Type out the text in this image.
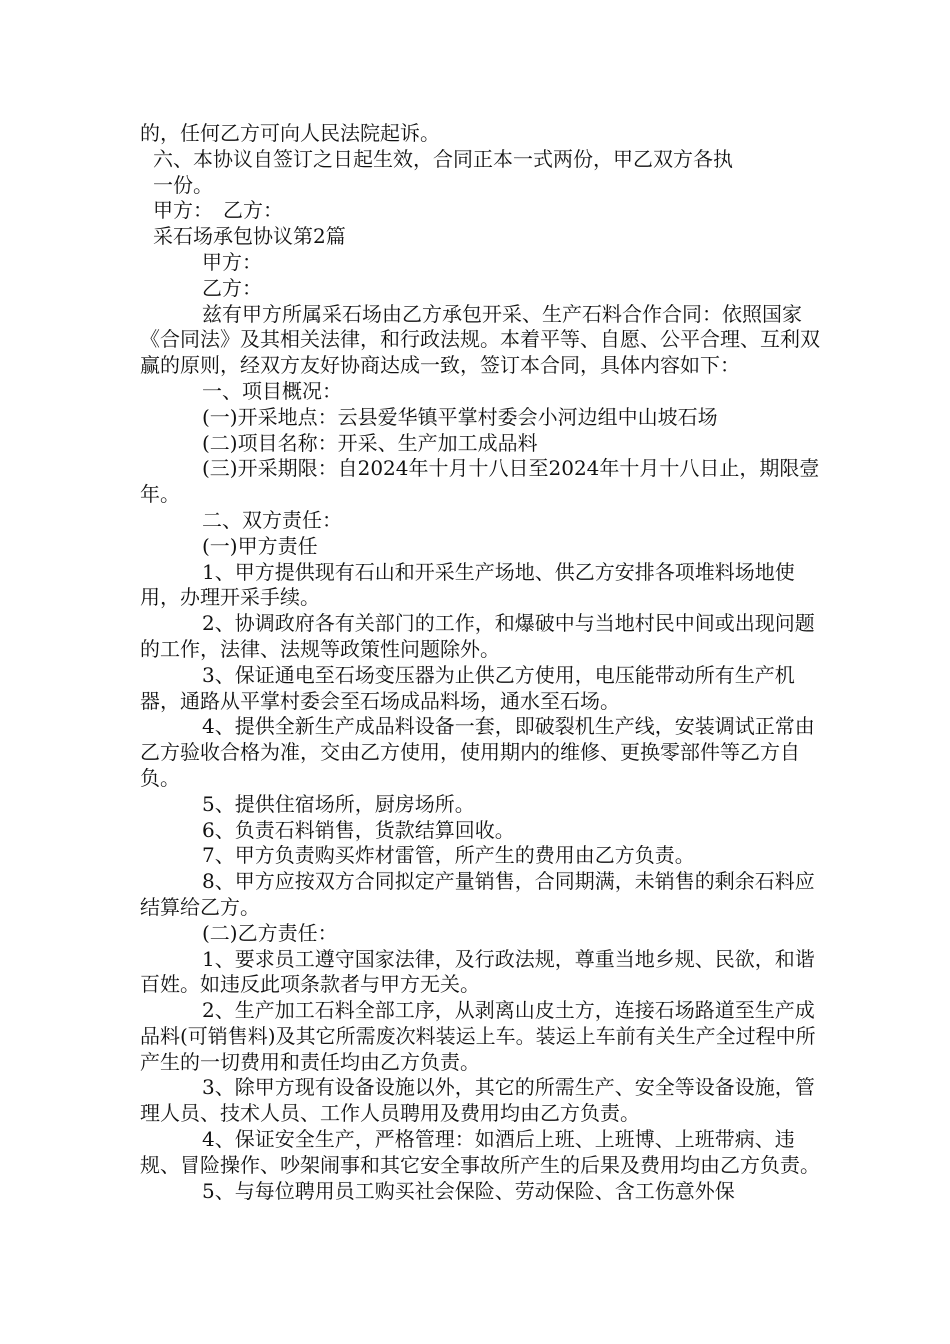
的，任何乙方可向人民法院起诉。

六、本协议自签订之日起生效，合同正本一式两份，甲乙双方各执

一份。

甲方：　乙方：

采石场承包协议第2篇

甲方：

乙方：

兹有甲方所属采石场由乙方承包开采、生产石料合作合同：依照国家《合同法》及其相关法律，和行政法规。本着平等、自愿、公平合理、互利双赢的原则，经双方友好协商达成一致，签订本合同，具体内容如下：

一、项目概况：

(一)开采地点：云县爱华镇平掌村委会小河边组中山坡石场

(二)项目名称：开采、生产加工成品料

(三)开采期限：自2024年十月十八日至2024年十月十八日止，期限壹年。

二、双方责任：

(一)甲方责任

1、甲方提供现有石山和开采生产场地、供乙方安排各项堆料场地使用，办理开采手续。

2、协调政府各有关部门的工作，和爆破中与当地村民中间或出现问题的工作，法律、法规等政策性问题除外。

3、保证通电至石场变压器为止供乙方使用，电压能带动所有生产机器，通路从平掌村委会至石场成品料场，通水至石场。

4、提供全新生产成品料设备一套，即破裂机生产线，安装调试正常由乙方验收合格为准，交由乙方使用，使用期内的维修、更换零部件等乙方自负。

5、提供住宿场所，厨房场所。

6、负责石料销售，货款结算回收。

7、甲方负责购买炸材雷管，所产生的费用由乙方负责。

8、甲方应按双方合同拟定产量销售，合同期满，未销售的剩余石料应结算给乙方。

(二)乙方责任：

1、要求员工遵守国家法律，及行政法规，尊重当地乡规、民欲，和谐百姓。如违反此项条款者与甲方无关。

2、生产加工石料全部工序，从剥离山皮土方，连接石场路道至生产成品料(可销售料)及其它所需废次料装运上车。装运上车前有关生产全过程中所产生的一切费用和责任均由乙方负责。

3、除甲方现有设备设施以外，其它的所需生产、安全等设备设施，管理人员、技术人员、工作人员聘用及费用均由乙方负责。

4、保证安全生产，严格管理：如酒后上班、上班博、上班带病、违规、冒险操作、吵架闹事和其它安全事故所产生的后果及费用均由乙方负责。

5、与每位聘用员工购买社会保险、劳动保险、含工伤意外保
